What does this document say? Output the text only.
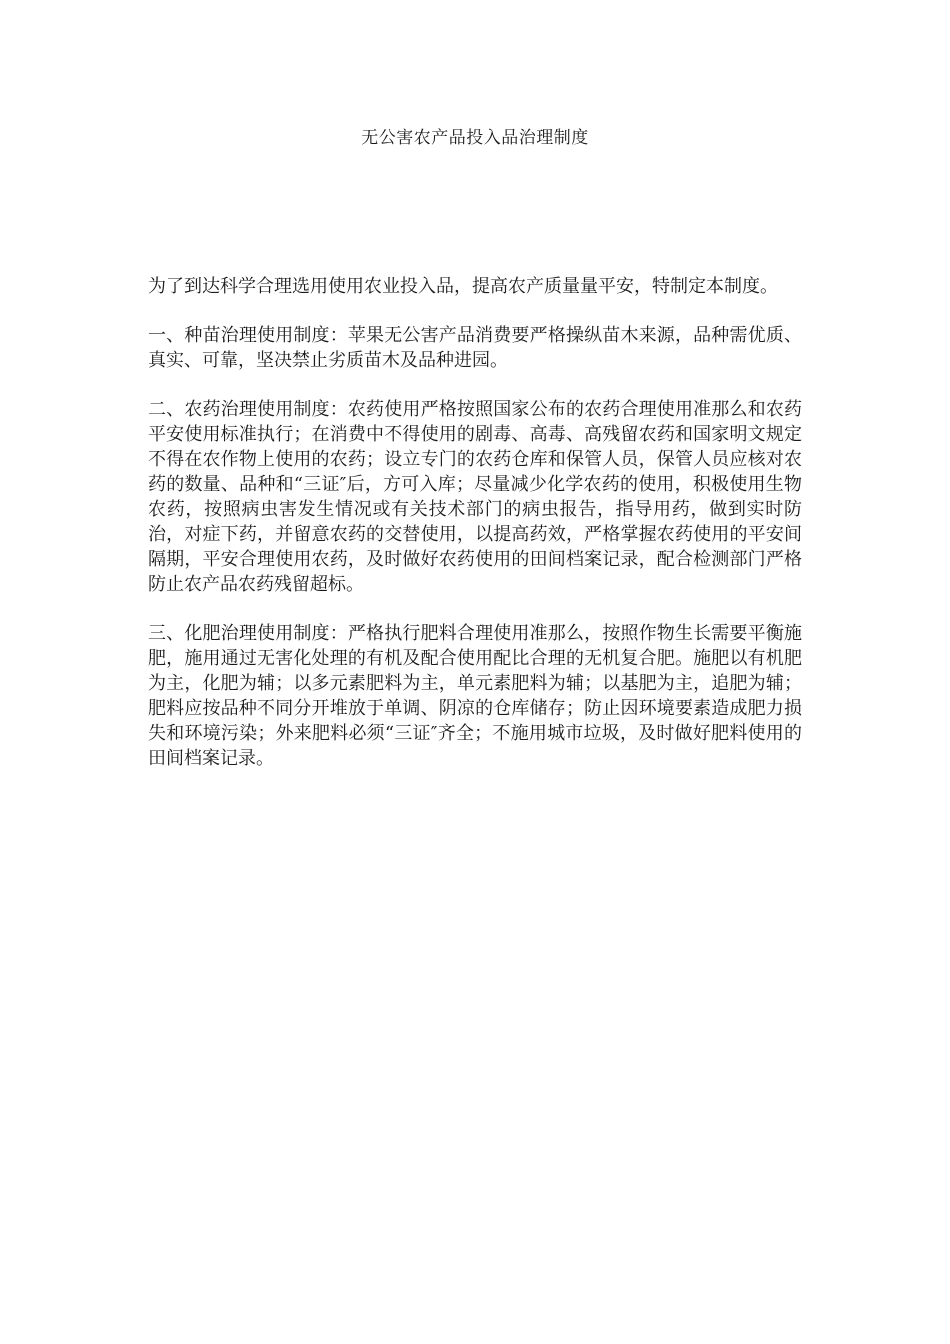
无公害农产品投入品治理制度

为了到达科学合理选用使用农业投入品，提高农产质量量平安，特制定本制度。

一、种苗治理使用制度：苹果无公害产品消费要严格操纵苗木来源，品种需优质、真实、可靠，坚决禁止劣质苗木及品种进园。

二、农药治理使用制度：农药使用严格按照国家公布的农药合理使用准那么和农药平安使用标准执行；在消费中不得使用的剧毒、高毒、高残留农药和国家明文规定不得在农作物上使用的农药；设立专门的农药仓库和保管人员，保管人员应核对农药的数量、品种和“三证″后，方可入库；尽量减少化学农药的使用，积极使用生物农药，按照病虫害发生情况或有关技术部门的病虫报告，指导用药，做到实时防治，对症下药，并留意农药的交替使用，以提高药效，严格掌握农药使用的平安间隔期，平安合理使用农药，及时做好农药使用的田间档案记录，配合检测部门严格防止农产品农药残留超标。

三、化肥治理使用制度：严格执行肥料合理使用准那么，按照作物生长需要平衡施肥，施用通过无害化处理的有机及配合使用配比合理的无机复合肥。施肥以有机肥为主，化肥为辅；以多元素肥料为主，单元素肥料为辅；以基肥为主，追肥为辅；肥料应按品种不同分开堆放于单调、阴凉的仓库储存；防止因环境要素造成肥力损失和环境污染；外来肥料必须“三证″齐全；不施用城市垃圾，及时做好肥料使用的田间档案记录。
